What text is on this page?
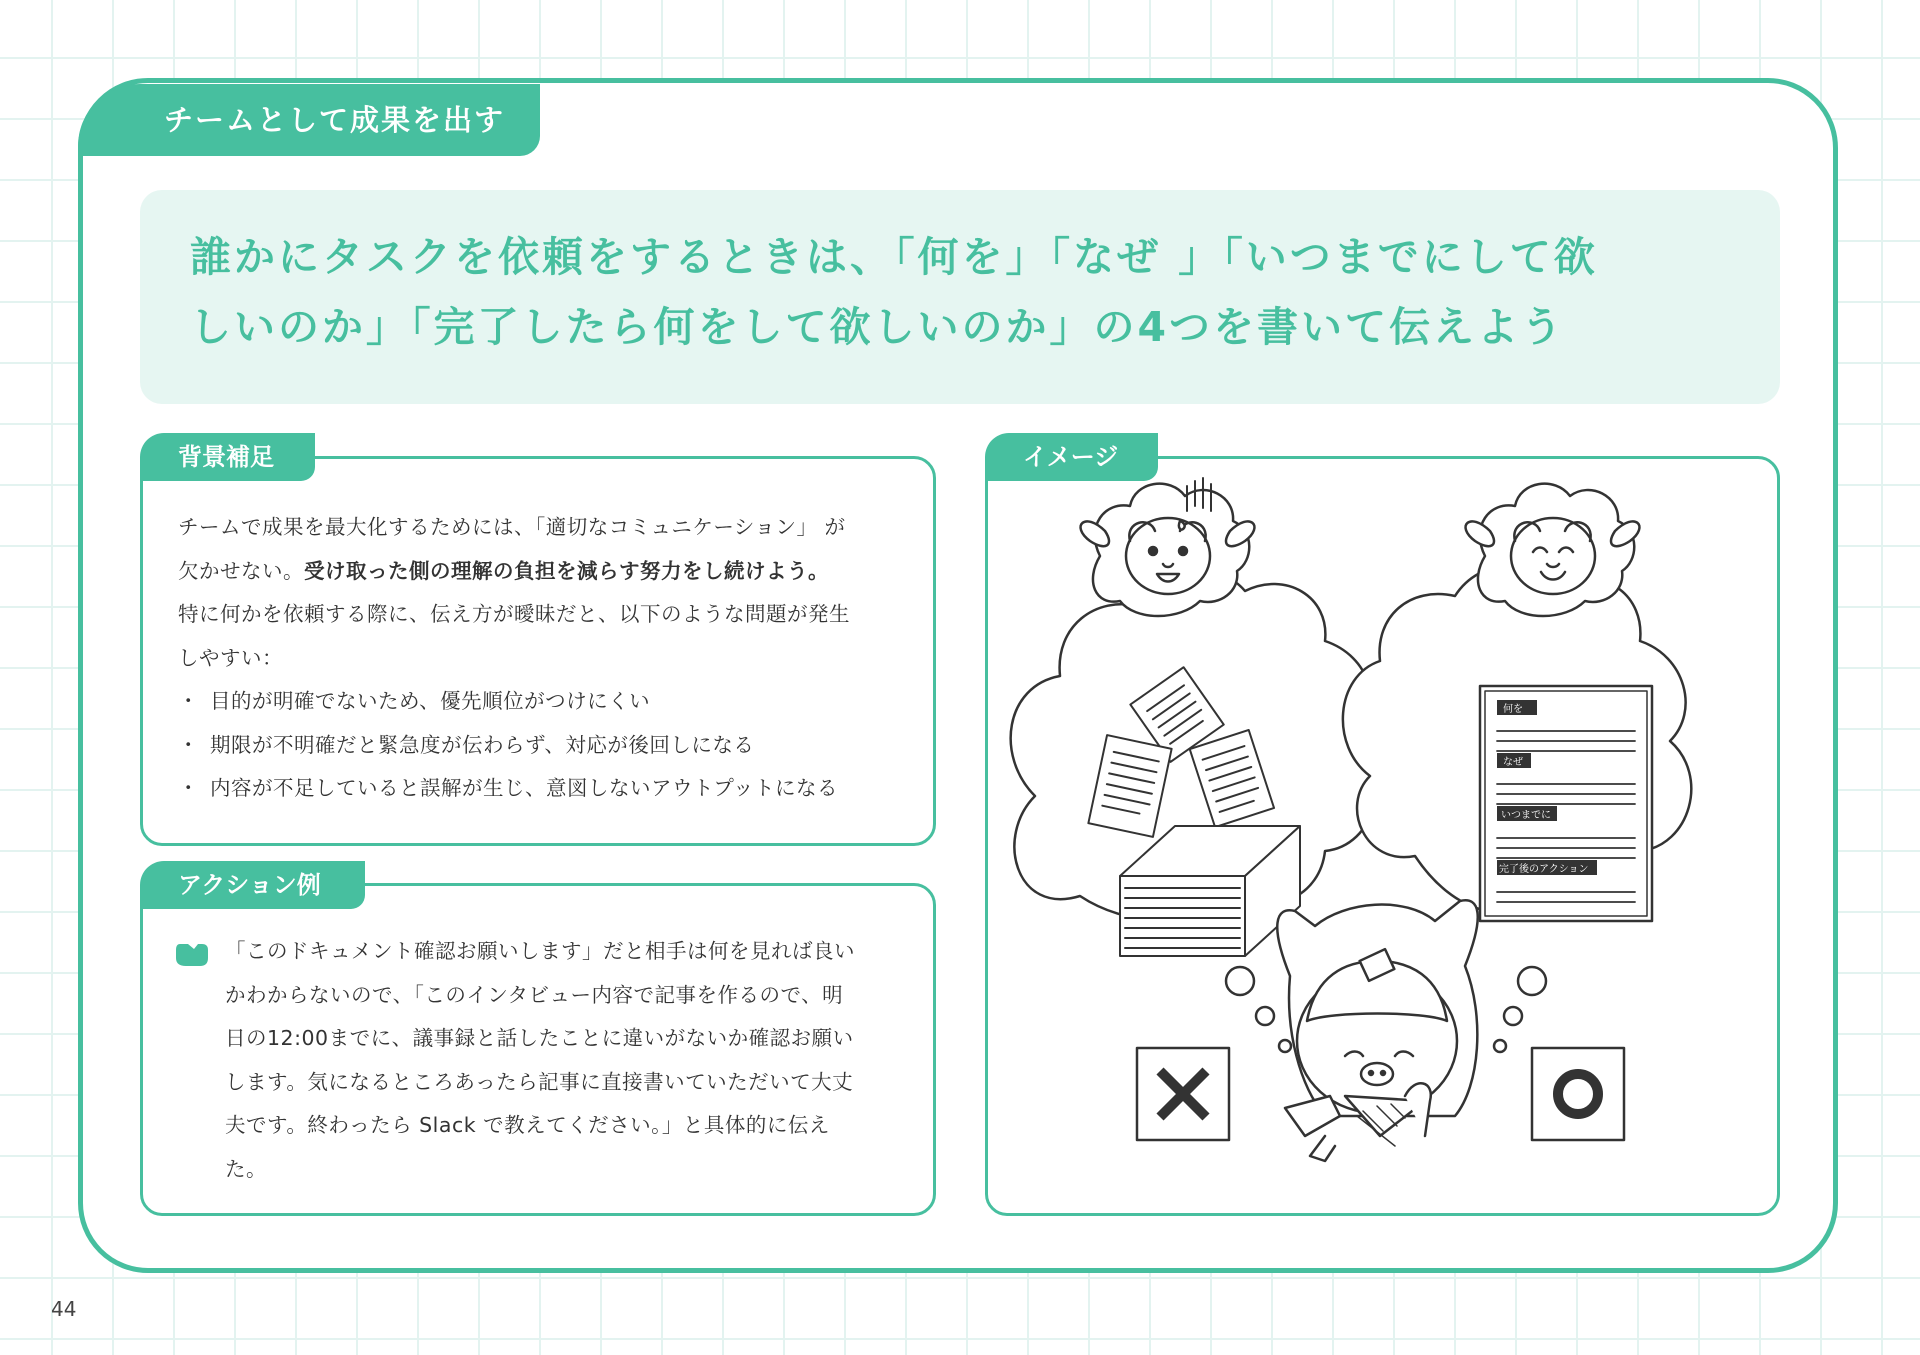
チームとして成果を出す
誰かにタスクを依頼をするときは、「何を」「なぜ 」「いつまでにして欲
しいのか」「完了したら何をして欲しいのか」の4つを書いて伝えよう
背景補足
チームで成果を最大化するためには、「適切なコミュニケーション」 が
欠かせない。受け取った側の理解の負担を減らす努力をし続けよう。
特に何かを依頼する際に、伝え方が曖昧だと、以下のような問題が発生
しやすい：
・ 目的が明確でないため、優先順位がつけにくい
・ 期限が不明確だと緊急度が伝わらず、対応が後回しになる
・ 内容が不足していると誤解が生じ、意図しないアウトプットになる
アクション例
「このドキュメント確認お願いします」だと相手は何を見れば良い
かわからないので、「このインタビュー内容で記事を作るので、明
日の12:00までに、議事録と話したことに違いがないか確認お願い
します。気になるところあったら記事に直接書いていただいて大丈
夫です。終わったら Slack で教えてください。」と具体的に伝え
た。
イメージ
何を
なぜ
いつまでに
完了後のアクション
44
